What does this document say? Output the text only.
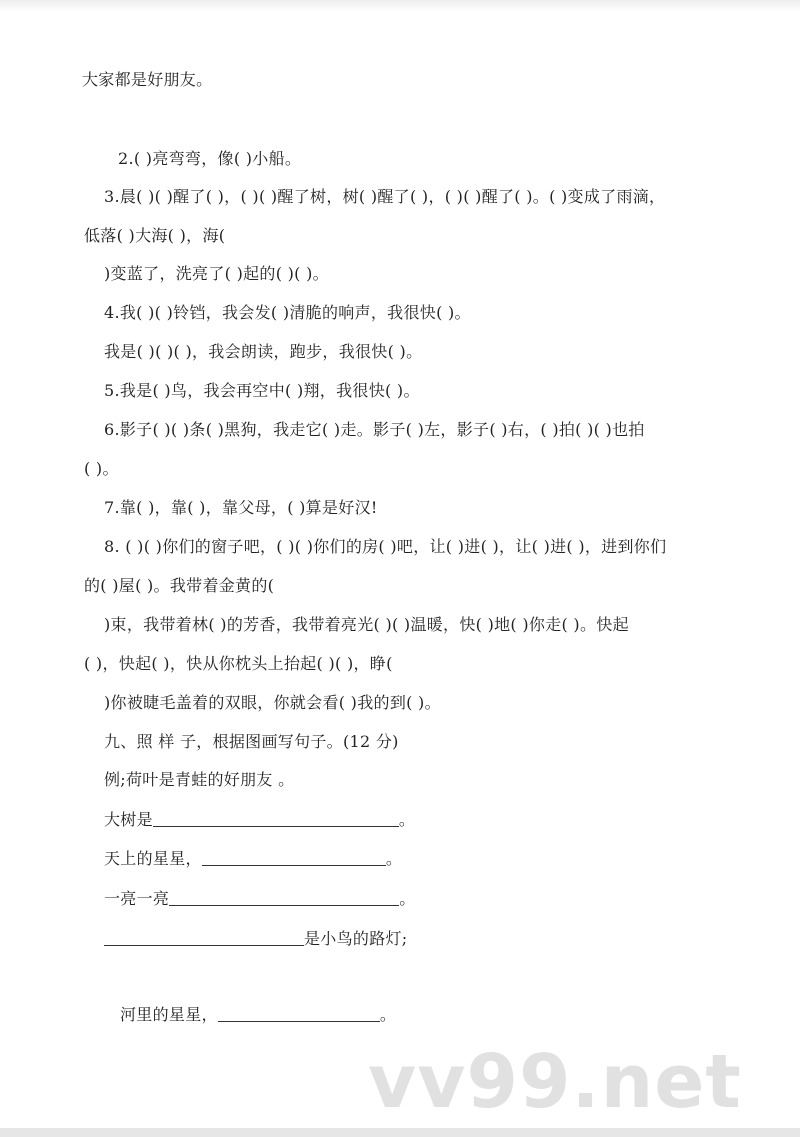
大家都是好朋友。
2.( )亮弯弯，像( )小船。
3.晨( )( )醒了( )，( )( )醒了树，树( )醒了( )，( )( )醒了( )。( )变成了雨滴，
低落( )大海( )，海(
)变蓝了，洗亮了( )起的( )( )。
4.我( )( )铃铛，我会发( )清脆的响声，我很快( )。
我是( )( )( )，我会朗读，跑步，我很快( )。
5.我是( )鸟，我会再空中( )翔，我很快( )。
6.影子( )( )条( )黑狗，我走它( )走。影子( )左，影子( )右，( )拍( )( )也拍
( )。
7.靠( )，靠( )，靠父母，( )算是好汉!
8. ( )( )你们的窗子吧，( )( )你们的房( )吧，让( )进( )，让( )进( )，进到你们
的( )屋( )。我带着金黄的(
)束，我带着林( )的芳香，我带着亮光( )( )温暖，快( )地( )你走( )。快起
( )，快起( )，快从你枕头上抬起( )( )，睁(
)你被睫毛盖着的双眼，你就会看( )我的到( )。
九、照 样 子，根据图画写句子。(12 分)
例;荷叶是青蛙的好朋友 。
大树是	。
天上的星星，	。
一亮一亮	。
是小鸟的路灯;
河里的星星，	。
vv99.net
